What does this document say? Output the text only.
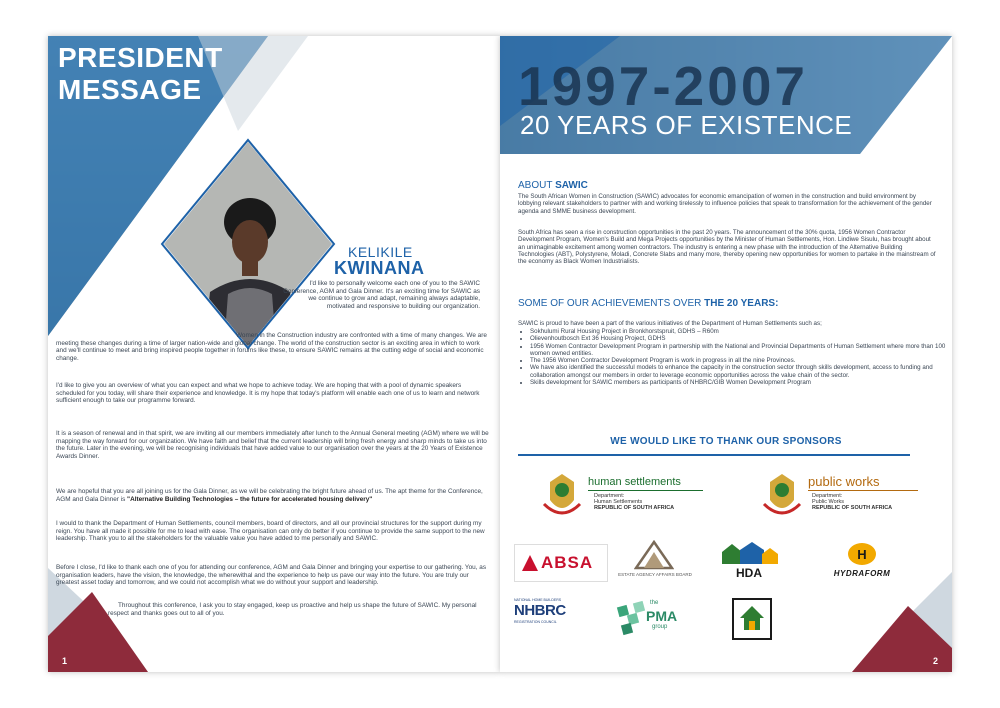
PRESIDENT
MESSAGE
KELIKILE
KWINANA
I'd like to personally welcome each one of you to the SAWIC Conference, AGM and Gala Dinner. It's an exciting time for SAWIC as we continue to grow and adapt, remaining always adaptable, motivated and responsive to building our organization.
Women in the Construction industry are confronted with a time of many changes. We are meeting these changes during a time of larger nation-wide and global change. The world of the construction sector is an exciting area in which to work and we'll continue to meet and bring inspired people together in forums like these, to ensure SAWIC remains at the cutting edge of social and economic change.
I'd like to give you an overview of what you can expect and what we hope to achieve today. We are hoping that with a pool of dynamic speakers scheduled for you today, will share their experience and knowledge. It is my hope that today's platform will enable each one of us to learn and network sufficient enough to take our programme forward.
It is a season of renewal and in that spirit, we are inviting all our members immediately after lunch to the Annual General meeting (AGM) where we will be mapping the way forward for our organization. We have faith and belief that the current leadership will bring fresh energy and sharp minds to take us into the future. Later in the evening, we will be recognising individuals that have added value to our organisation over the years at the 20 Years of Existence Awards Dinner.
We are hopeful that you are all joining us for the Gala Dinner, as we will be celebrating the bright future ahead of us. The apt theme for the Conference, AGM and Gala Dinner is "Alternative Building Technologies – the future for accelerated housing delivery"
I would to thank the Department of Human Settlements, council members, board of directors, and all our provincial structures for the support during my reign. You have all made it possible for me to lead with ease. The organisation can only do better if you continue to provide the same support to the new leadership. Thank you to all the stakeholders for the valuable value you have added to me personally and SAWIC.
Before I close, I'd like to thank each one of you for attending our conference, AGM and Gala Dinner and bringing your expertise to our gathering. You, as organisation leaders, have the vision, the knowledge, the wherewithal and the experience to help us pave our way into the future. You are truly our greatest asset today and tomorrow, and we could not accomplish what we do without your support and leadership.
Throughout this conference, I ask you to stay engaged, keep us proactive and help us shape the future of SAWIC. My personal respect and thanks goes out to all of you.
1
1997-2007
20 YEARS OF EXISTENCE
ABOUT SAWIC
The South African Women in Construction (SAWIC) advocates for economic emancipation of women in the construction and build environment by lobbying relevant stakeholders to partner with and working tirelessly to influence policies that speak to transformation for the achievement of the gender agenda and SMME business development.
South Africa has seen a rise in construction opportunities in the past 20 years. The announcement of the 30% quota, 1956 Women Contractor Development Program, Women's Build and Mega Projects opportunities by the Minister of Human Settlements, Hon. Lindiwe Sisulu, has brought about an unimaginable excitement among women contractors. The industry is entering a new phase with the introduction of the Alternative Building Technologies (ABT), Polystyrene, Moladi, Concrete Slabs and many more, thereby opening new opportunities for women to partake in the mainstream of the economy as Black Women Industrialists.
SOME OF OUR ACHIEVEMENTS OVER THE 20 YEARS:
SAWIC is proud to have been a part of the various initiatives of the Department of Human Settlements such as;
• Sokhulumi Rural Housing Project in Bronkhorstspruit, GDHS – R60m
• Olievenhoutbosch Ext 36 Housing Project, GDHS
• 1956 Women Contractor Development Program in partnership with the National and Provincial Departments of Human Settlement where more than 100 women owned entities.
• The 1956 Women Contractor Development Program is work in progress in all the nine Provinces.
• We have also identified the successful models to enhance the capacity in the construction sector through skills development, access to funding and collaboration amongst our members in order to leverage economic opportunities across the value chain of the sector.
• Skills development for SAWIC members as participants of NHBRC/GIB Women Development Program
WE WOULD LIKE TO THANK OUR SPONSORS
human settlements
Department:
Human Settlements
REPUBLIC OF SOUTH AFRICA
public works
Department:
Public Works
REPUBLIC OF SOUTH AFRICA
ABSA
ESTATE AGENCY AFFAIRS BOARD	HDA
H
HYDRAFORM
NATIONAL HOME BUILDERS
NHBRC
REGISTRATION COUNCIL
the
PMA
group
2
